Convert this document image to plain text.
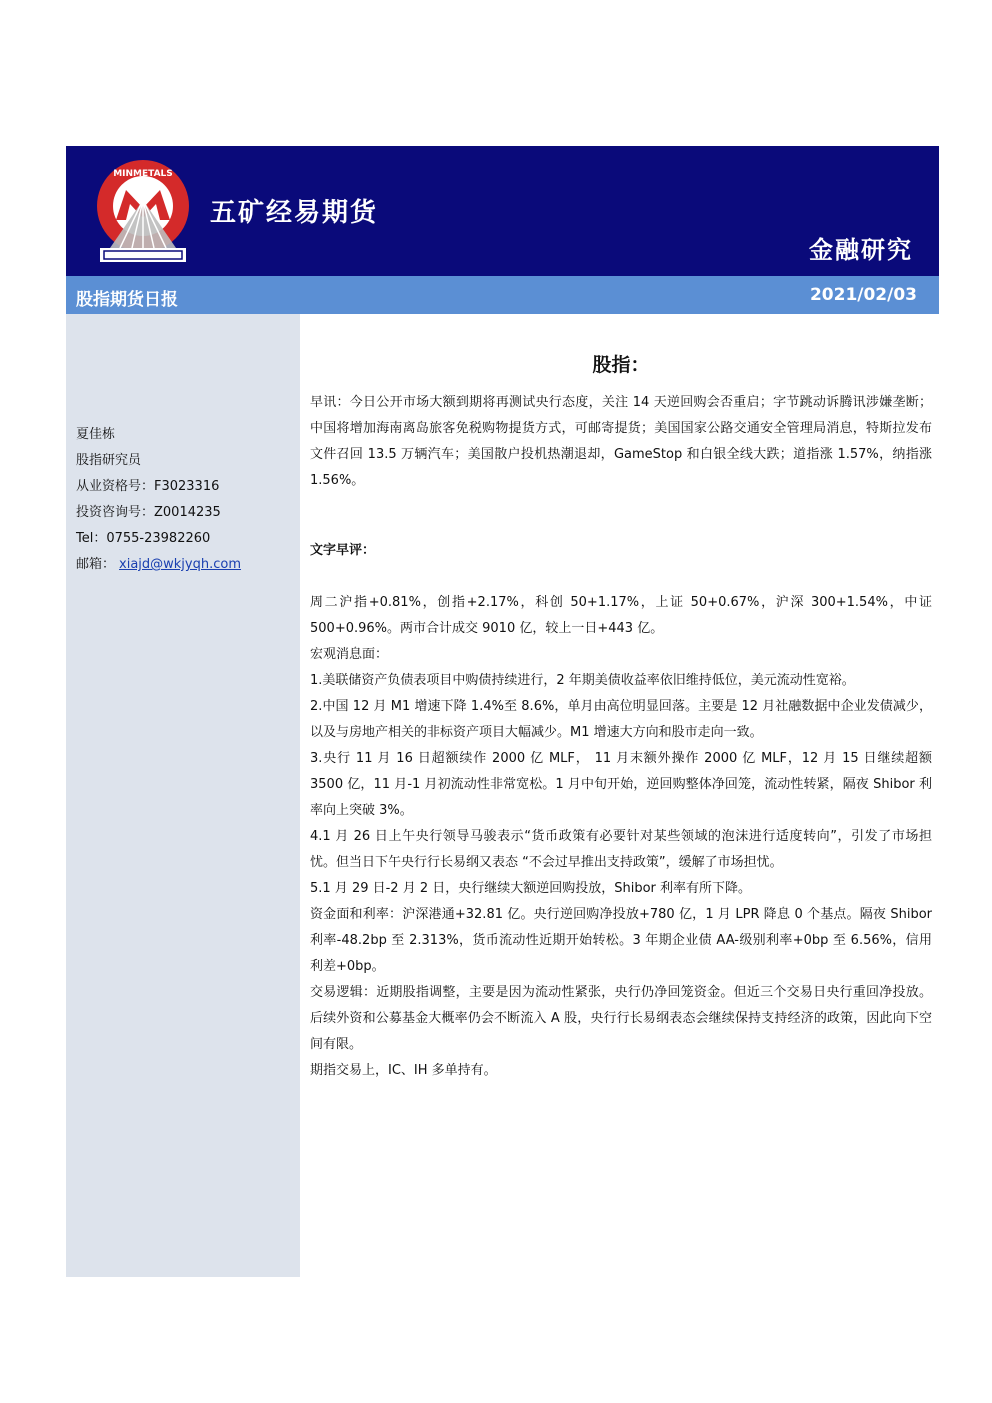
MINMETALS
五矿经易期货
金融研究
股指期货日报	2021/02/03
夏佳栋
股指研究员
从业资格号：F3023316
投资咨询号：Z0014235
Tel：0755-23982260
邮箱： xiajd@wkjyqh.com
股指：

早讯：今日公开市场大额到期将再测试央行态度，关注 14 天逆回购会否重启；字节跳动诉腾讯涉嫌垄断；中国将增加海南离岛旅客免税购物提货方式，可邮寄提货；美国国家公路交通安全管理局消息，特斯拉发布文件召回 13.5 万辆汽车；美国散户投机热潮退却，GameStop 和白银全线大跌；道指涨 1.57%，纳指涨 1.56%。

文字早评：

周二沪指+0.81%，创指+2.17%，科创 50+1.17%，上证 50+0.67%，沪深 300+1.54%，中证 500+0.96%。两市合计成交 9010 亿，较上一日+443 亿。

宏观消息面：

1.美联储资产负债表项目中购债持续进行，2 年期美债收益率依旧维持低位，美元流动性宽裕。

2.中国 12 月 M1 增速下降 1.4%至 8.6%，单月由高位明显回落。主要是 12 月社融数据中企业发债减少，以及与房地产相关的非标资产项目大幅减少。M1 增速大方向和股市走向一致。

3.央行 11 月 16 日超额续作 2000 亿 MLF， 11 月末额外操作 2000 亿 MLF，12 月 15 日继续超额 3500 亿，11 月-1 月初流动性非常宽松。1 月中旬开始，逆回购整体净回笼，流动性转紧，隔夜 Shibor 利率向上突破 3%。

4.1 月 26 日上午央行领导马骏表示“货币政策有必要针对某些领域的泡沫进行适度转向”，引发了市场担忧。但当日下午央行行长易纲又表态 “不会过早推出支持政策”，缓解了市场担忧。

5.1 月 29 日-2 月 2 日，央行继续大额逆回购投放，Shibor 利率有所下降。

资金面和利率：沪深港通+32.81 亿。央行逆回购净投放+780 亿，1 月 LPR 降息 0 个基点。隔夜 Shibor 利率-48.2bp 至 2.313%，货币流动性近期开始转松。3 年期企业债 AA-级别利率+0bp 至 6.56%，信用利差+0bp。

交易逻辑：近期股指调整，主要是因为流动性紧张，央行仍净回笼资金。但近三个交易日央行重回净投放。后续外资和公募基金大概率仍会不断流入 A 股，央行行长易纲表态会继续保持支持经济的政策，因此向下空间有限。

期指交易上，IC、IH 多单持有。
